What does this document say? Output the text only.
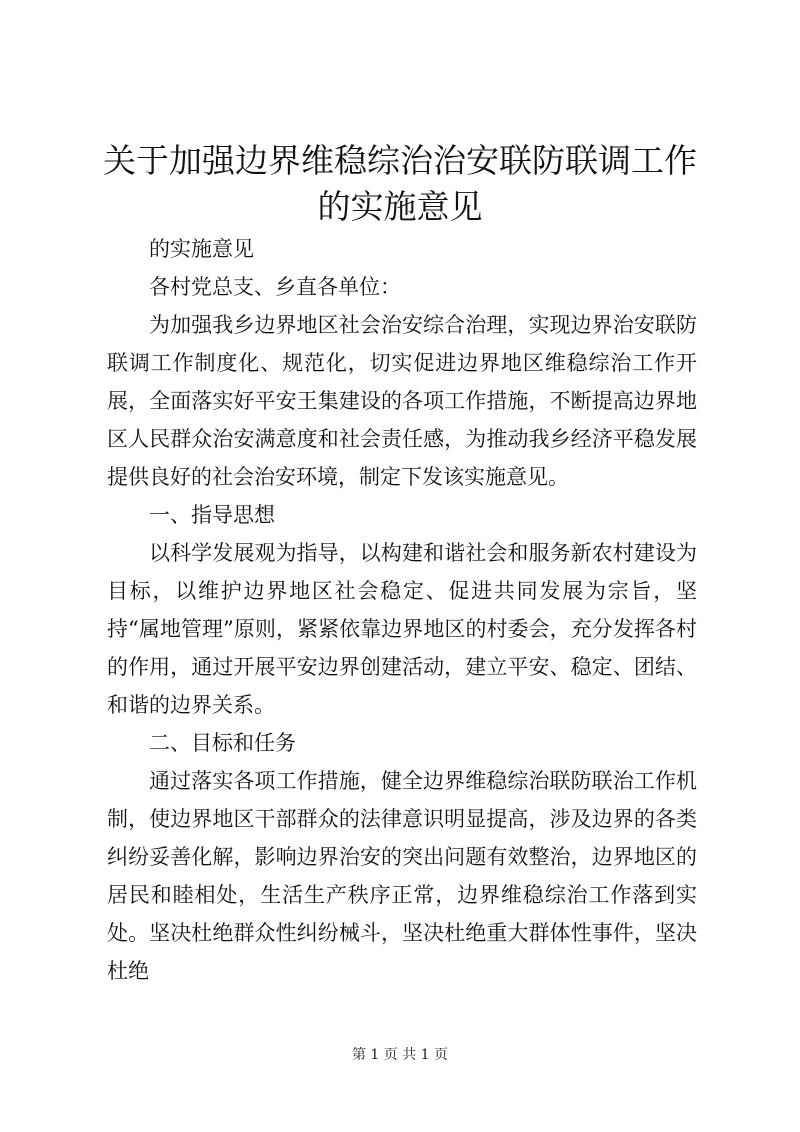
关于加强边界维稳综治治安联防联调工作的实施意见

的实施意见

各村党总支、乡直各单位：

为加强我乡边界地区社会治安综合治理，实现边界治安联防联调工作制度化、规范化，切实促进边界地区维稳综治工作开展，全面落实好平安王集建设的各项工作措施，不断提高边界地区人民群众治安满意度和社会责任感，为推动我乡经济平稳发展提供良好的社会治安环境，制定下发该实施意见。

一、指导思想

以科学发展观为指导，以构建和谐社会和服务新农村建设为目标，以维护边界地区社会稳定、促进共同发展为宗旨，坚持“属地管理”原则，紧紧依靠边界地区的村委会，充分发挥各村的作用，通过开展平安边界创建活动，建立平安、稳定、团结、和谐的边界关系。

二、目标和任务

通过落实各项工作措施，健全边界维稳综治联防联治工作机制，使边界地区干部群众的法律意识明显提高，涉及边界的各类纠纷妥善化解，影响边界治安的突出问题有效整治，边界地区的居民和睦相处，生活生产秩序正常，边界维稳综治工作落到实处。坚决杜绝群众性纠纷械斗，坚决杜绝重大群体性事件，坚决杜绝

第 1 页 共 1 页
